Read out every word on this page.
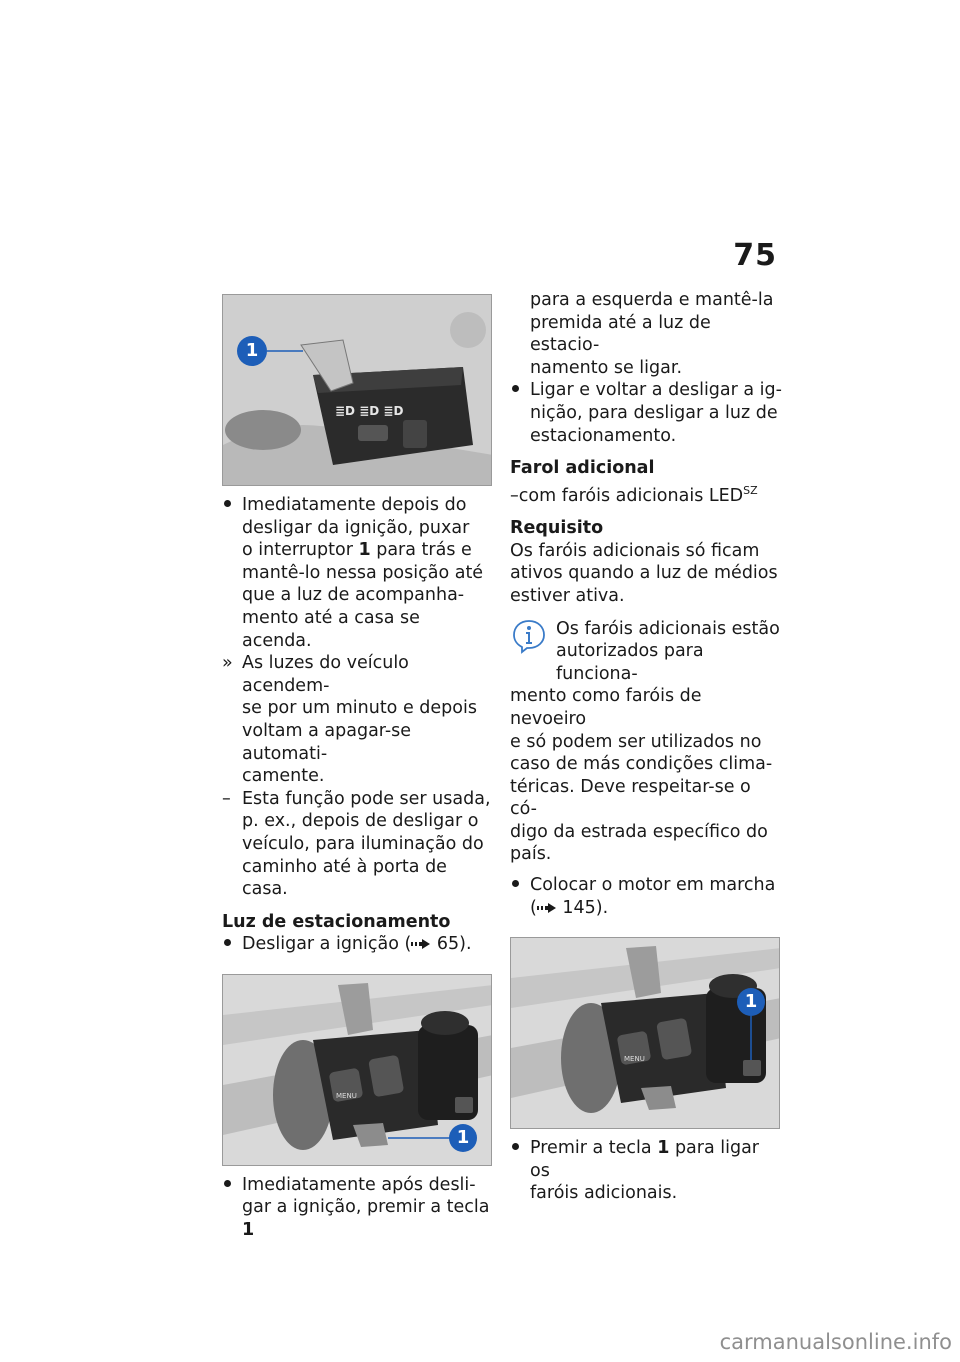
75
≣D ≣D ≣D
1
Imediatamente depois do
desligar da ignição, puxar
o interruptor 1 para trás e
mantê-lo nessa posição até
que a luz de acompanha-
mento até a casa se acenda.
» As luzes do veículo acendem-
se por um minuto e depois
voltam a apagar-se automati-
camente.
– Esta função pode ser usada,
p. ex., depois de desligar o
veículo, para iluminação do
caminho até à porta de casa.
Luz de estacionamento
Desligar a ignição ( 65).
MENU
1
Imediatamente após desli-
gar a ignição, premir a tecla 1
para a esquerda e mantê-la
premida até a luz de estacio-
namento se ligar.
Ligar e voltar a desligar a ig-
nição, para desligar a luz de
estacionamento.
Farol adicional
–com faróis adicionais $LED^{SZ}$
Requisito
Os faróis adicionais só ficam
ativos quando a luz de médios
estiver ativa.
Os faróis adicionais estão
autorizados para funciona-
mento como faróis de nevoeiro
e só podem ser utilizados no
caso de más condições clima-
téricas. Deve respeitar-se o có-
digo da estrada específico do
país.
Colocar o motor em marcha
( 145).
MENU
1
Premir a tecla 1 para ligar os
faróis adicionais.
carmanualsonline.info
